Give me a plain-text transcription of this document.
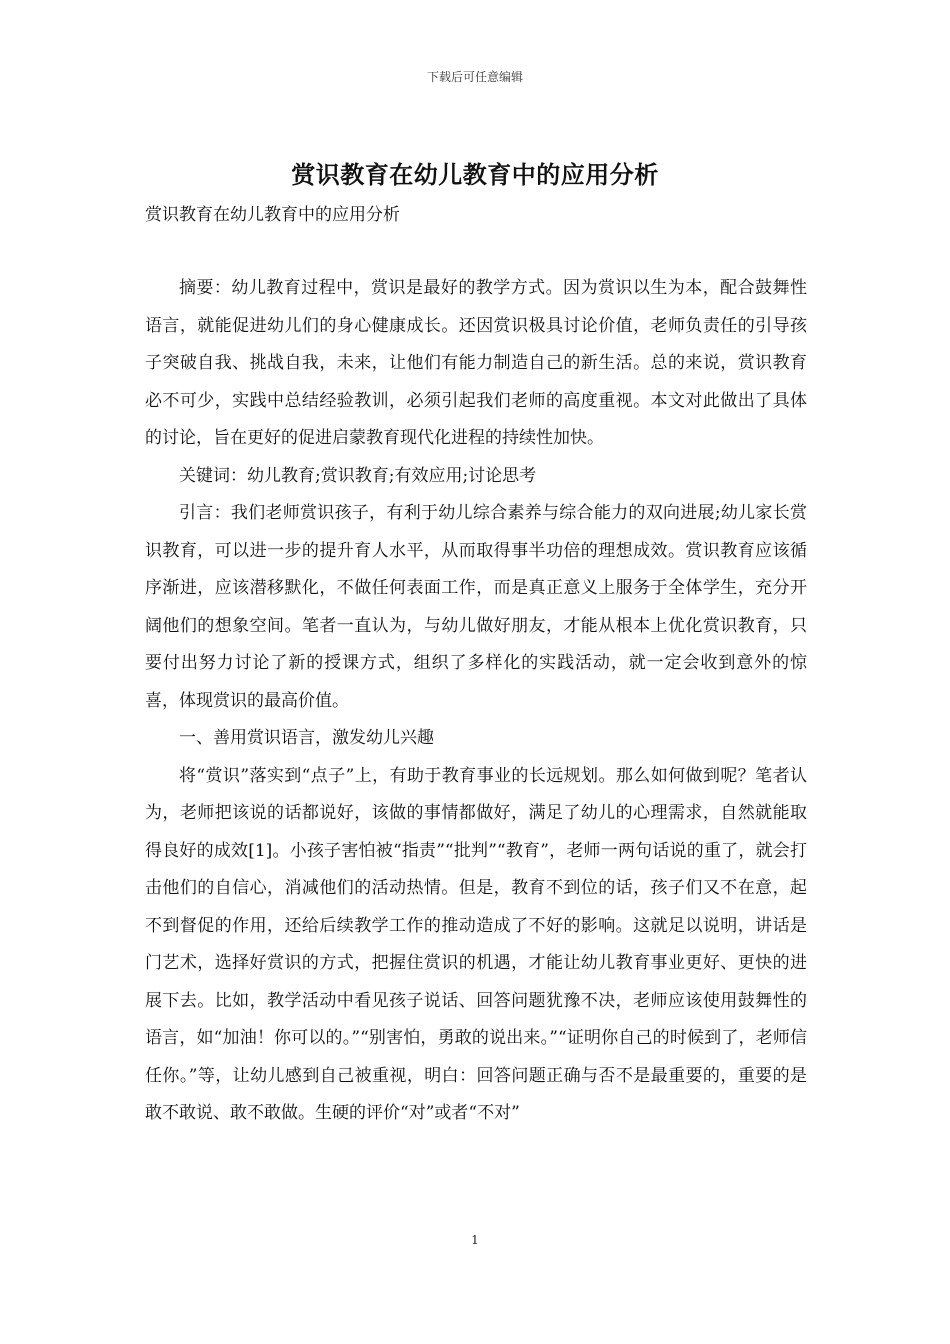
下载后可任意编辑
赏识教育在幼儿教育中的应用分析
赏识教育在幼儿教育中的应用分析

摘要：幼儿教育过程中，赏识是最好的教学方式。因为赏识以生为本，配合鼓舞性语言，就能促进幼儿们的身心健康成长。还因赏识极具讨论价值，老师负责任的引导孩子突破自我、挑战自我，未来，让他们有能力制造自己的新生活。总的来说，赏识教育必不可少，实践中总结经验教训，必须引起我们老师的高度重视。本文对此做出了具体的讨论，旨在更好的促进启蒙教育现代化进程的持续性加快。

关键词：幼儿教育;赏识教育;有效应用;讨论思考

引言：我们老师赏识孩子，有利于幼儿综合素养与综合能力的双向进展;幼儿家长赏识教育，可以进一步的提升育人水平，从而取得事半功倍的理想成效。赏识教育应该循序渐进，应该潜移默化，不做任何表面工作，而是真正意义上服务于全体学生，充分开阔他们的想象空间。笔者一直认为，与幼儿做好朋友，才能从根本上优化赏识教育，只要付出努力讨论了新的授课方式，组织了多样化的实践活动，就一定会收到意外的惊喜，体现赏识的最高价值。

一、善用赏识语言，激发幼儿兴趣

将“赏识”落实到“点子”上，有助于教育事业的长远规划。那么如何做到呢？笔者认为，老师把该说的话都说好，该做的事情都做好，满足了幼儿的心理需求，自然就能取得良好的成效[1]。小孩子害怕被“指责”“批判”“教育”，老师一两句话说的重了，就会打击他们的自信心，消减他们的活动热情。但是，教育不到位的话，孩子们又不在意，起不到督促的作用，还给后续教学工作的推动造成了不好的影响。这就足以说明，讲话是门艺术，选择好赏识的方式，把握住赏识的机遇，才能让幼儿教育事业更好、更快的进展下去。比如，教学活动中看见孩子说话、回答问题犹豫不决，老师应该使用鼓舞性的语言，如“加油！你可以的。”“别害怕，勇敢的说出来。”“证明你自己的时候到了，老师信任你。”等，让幼儿感到自己被重视，明白：回答问题正确与否不是最重要的，重要的是敢不敢说、敢不敢做。生硬的评价“对”或者“不对”

1
